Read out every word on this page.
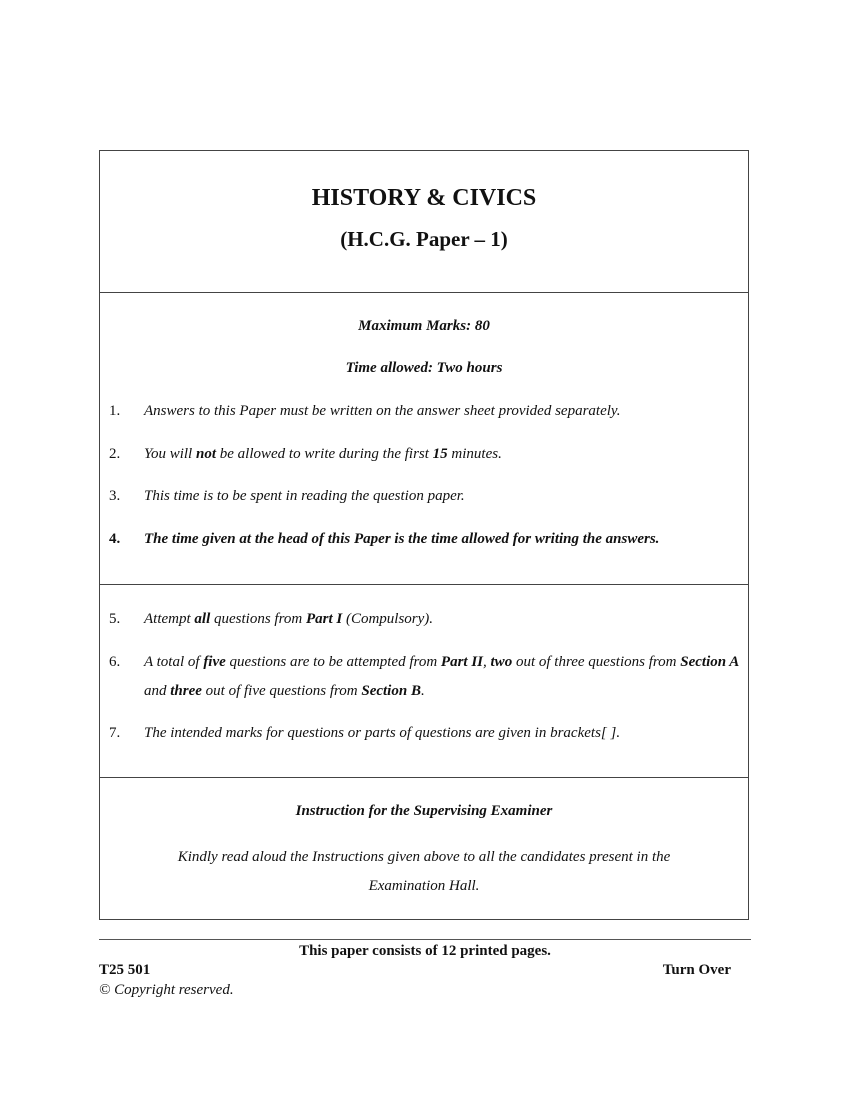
HISTORY & CIVICS
(H.C.G. Paper – 1)
Maximum Marks: 80
Time allowed: Two hours
1. Answers to this Paper must be written on the answer sheet provided separately.
2. You will not be allowed to write during the first 15 minutes.
3. This time is to be spent in reading the question paper.
4. The time given at the head of this Paper is the time allowed for writing the answers.
5. Attempt all questions from Part I (Compulsory).
6. A total of five questions are to be attempted from Part II, two out of three questions from Section A and three out of five questions from Section B.
7. The intended marks for questions or parts of questions are given in brackets[ ].
Instruction for the Supervising Examiner
Kindly read aloud the Instructions given above to all the candidates present in the
Examination Hall.
This paper consists of 12 printed pages.
T25 501	Turn Over
© Copyright reserved.
